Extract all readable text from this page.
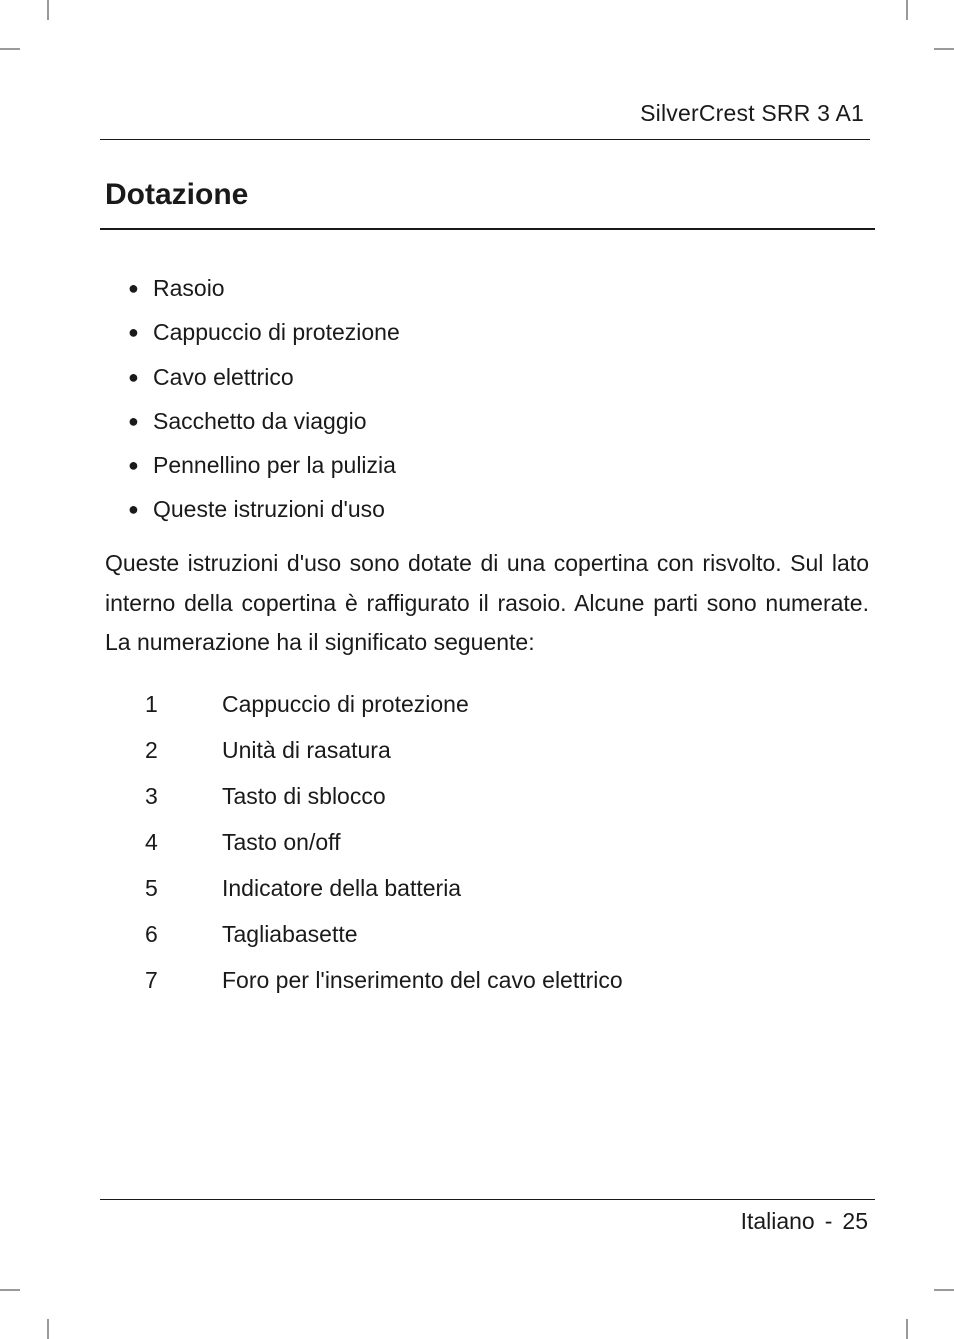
SilverCrest SRR 3 A1
Dotazione
● Rasoio
● Cappuccio di protezione
● Cavo elettrico
● Sacchetto da viaggio
● Pennellino per la pulizia
● Queste istruzioni d'uso

Queste istruzioni d'uso sono dotate di una copertina con risvolto. Sul lato interno della copertina è raffigurato il rasoio. Alcune parti sono numerate. La numerazione ha il significato seguente:

1	Cappuccio di protezione
2	Unità di rasatura
3	Tasto di sblocco
4	Tasto on/off
5	Indicatore della batteria
6	Tagliabasette
7	Foro per l'inserimento del cavo elettrico
Italiano - 25
